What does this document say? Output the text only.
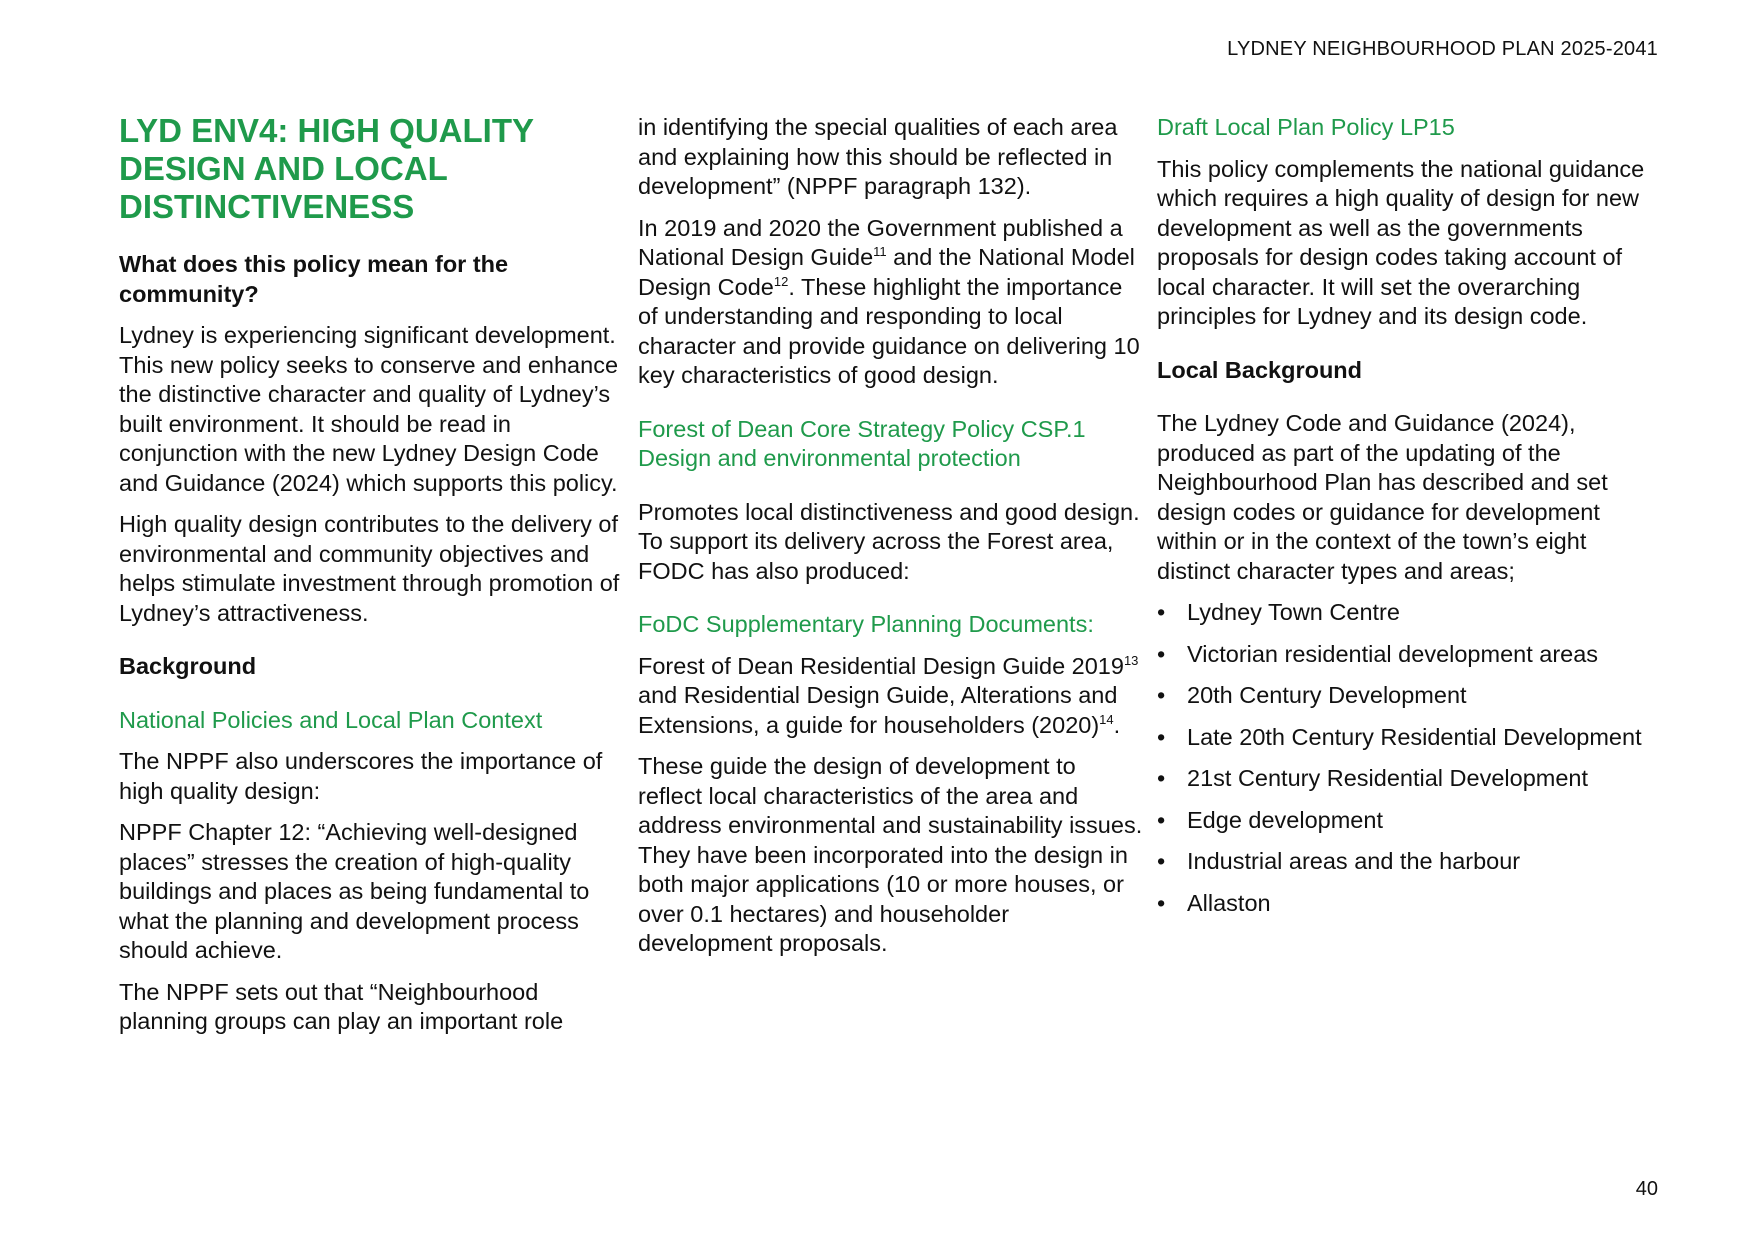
LYDNEY NEIGHBOURHOOD PLAN 2025-2041
LYD ENV4: HIGH QUALITY DESIGN AND LOCAL DISTINCTIVENESS
What does this policy mean for the community?

Lydney is experiencing significant development. This new policy seeks to conserve and enhance the distinctive character and quality of Lydney’s built environment. It should be read in conjunction with the new Lydney Design Code and Guidance (2024) which supports this policy.

High quality design contributes to the delivery of environmental and community objectives and helps stimulate investment through promotion of Lydney’s attractiveness.

Background
National Policies and Local Plan Context

The NPPF also underscores the importance of high quality design:

NPPF Chapter 12: “Achieving well-designed places” stresses the creation of high-quality buildings and places as being fundamental to what the planning and development process should achieve.

The NPPF sets out that “Neighbourhood planning groups can play an important role

in identifying the special qualities of each area and explaining how this should be reflected in development” (NPPF paragraph 132).

In 2019 and 2020 the Government published a National Design Guide$^{11}$ and the National Model Design Code$^{12}$. These highlight the importance of understanding and responding to local character and provide guidance on delivering 10 key characteristics of good design.

Forest of Dean Core Strategy Policy CSP.1 Design and environmental protection

Promotes local distinctiveness and good design. To support its delivery across the Forest area, FODC has also produced:

FoDC Supplementary Planning Documents:

Forest of Dean Residential Design Guide 2019$^{13}$ and Residential Design Guide, Alterations and Extensions, a guide for householders $(2020)^{14}$.

These guide the design of development to reflect local characteristics of the area and address environmental and sustainability issues. They have been incorporated into the design in both major applications (10 or more houses, or over 0.1 hectares) and householder development proposals.

Draft Local Plan Policy LP15

This policy complements the national guidance which requires a high quality of design for new development as well as the governments proposals for design codes taking account of local character. It will set the overarching principles for Lydney and its design code.

Local Background

The Lydney Code and Guidance (2024), produced as part of the updating of the Neighbourhood Plan has described and set design codes or guidance for development within or in the context of the town’s eight distinct character types and areas;

• Lydney Town Centre
• Victorian residential development areas
• 20th Century Development
• Late 20th Century Residential Development
• 21st Century Residential Development
• Edge development
• Industrial areas and the harbour
• Allaston
40
